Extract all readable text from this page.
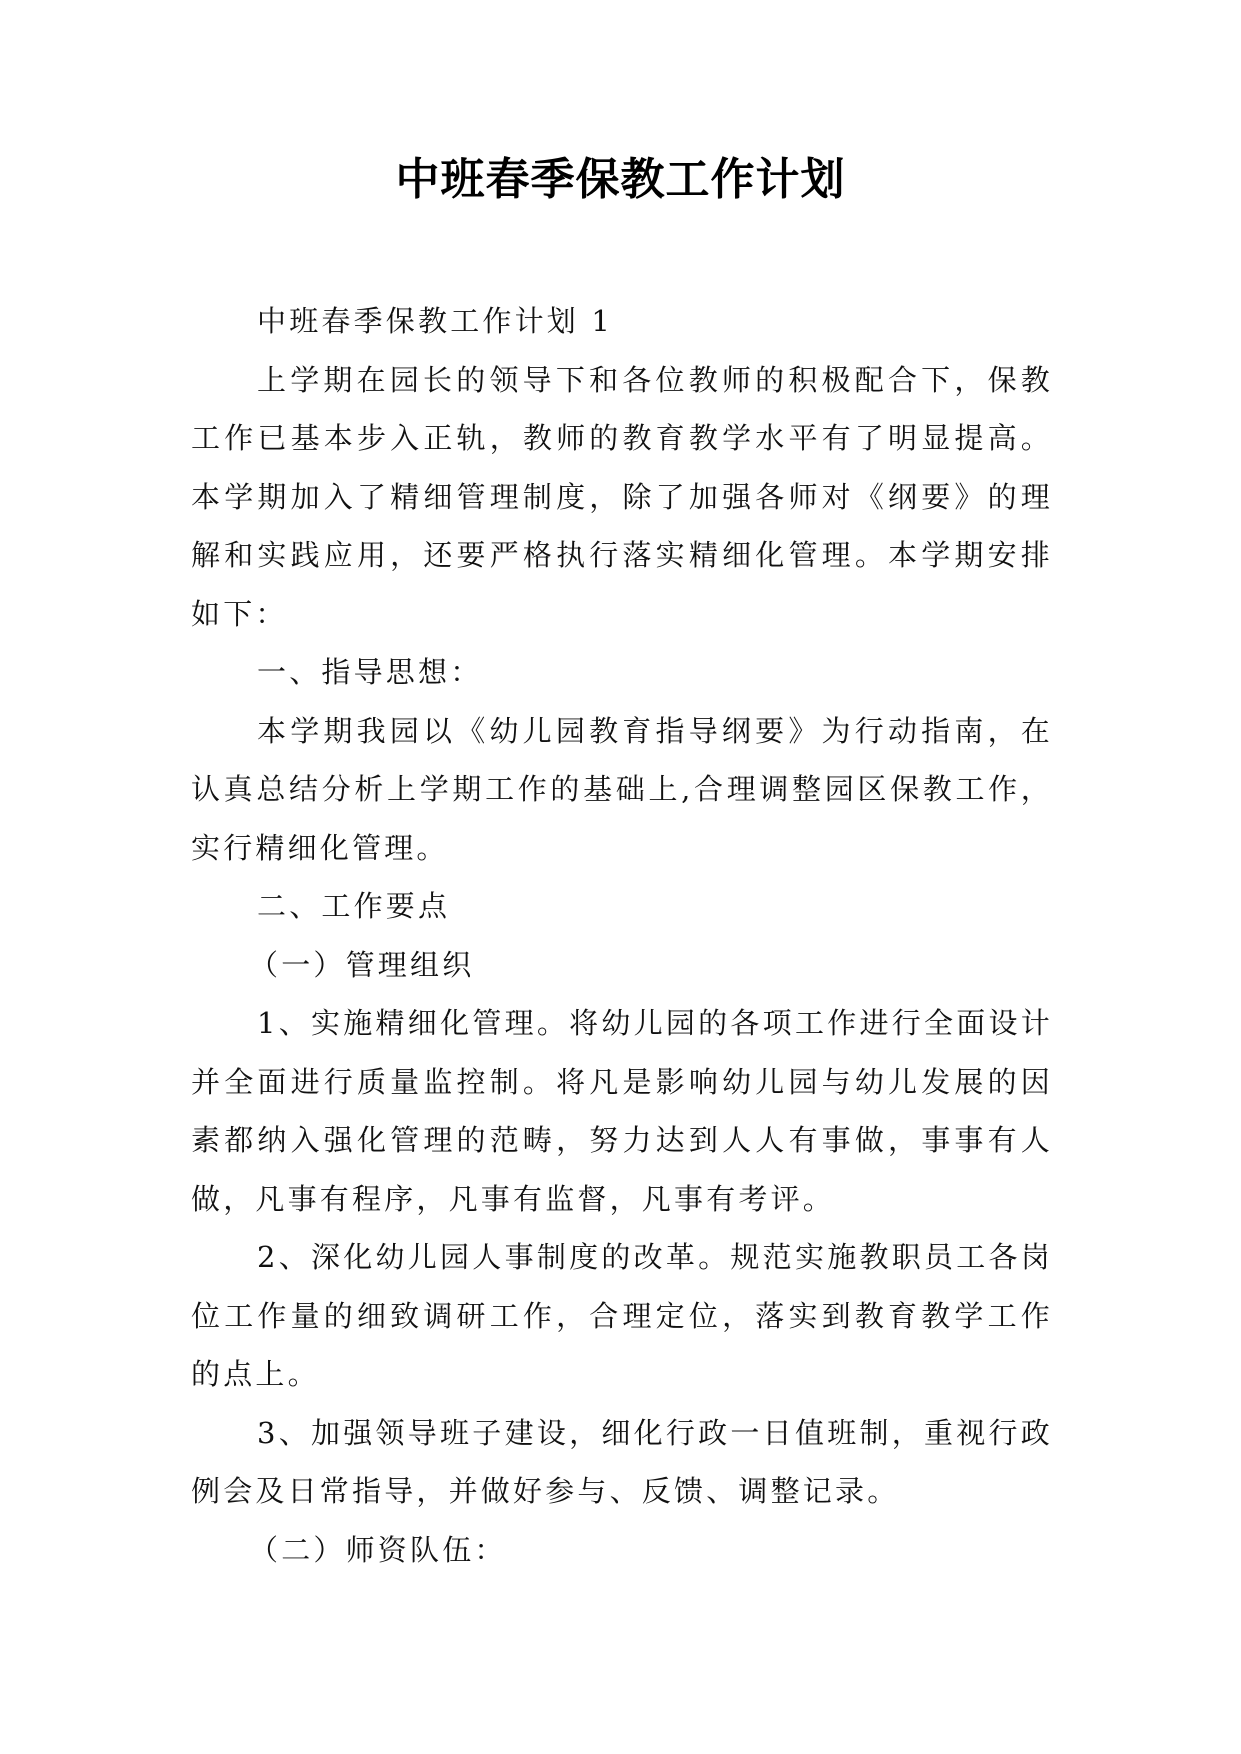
中班春季保教工作计划

中班春季保教工作计划 1

上学期在园长的领导下和各位教师的积极配合下，保教工作已基本步入正轨，教师的教育教学水平有了明显提高。本学期加入了精细管理制度，除了加强各师对《纲要》的理解和实践应用，还要严格执行落实精细化管理。本学期安排如下：

一、指导思想：

本学期我园以《幼儿园教育指导纲要》为行动指南，在认真总结分析上学期工作的基础上,合理调整园区保教工作，实行精细化管理。

二、工作要点

（一）管理组织

1、实施精细化管理。将幼儿园的各项工作进行全面设计并全面进行质量监控制。将凡是影响幼儿园与幼儿发展的因素都纳入强化管理的范畴，努力达到人人有事做，事事有人做，凡事有程序，凡事有监督，凡事有考评。

2、深化幼儿园人事制度的改革。规范实施教职员工各岗位工作量的细致调研工作，合理定位，落实到教育教学工作的点上。

3、加强领导班子建设，细化行政一日值班制，重视行政例会及日常指导，并做好参与、反馈、调整记录。

（二）师资队伍：
